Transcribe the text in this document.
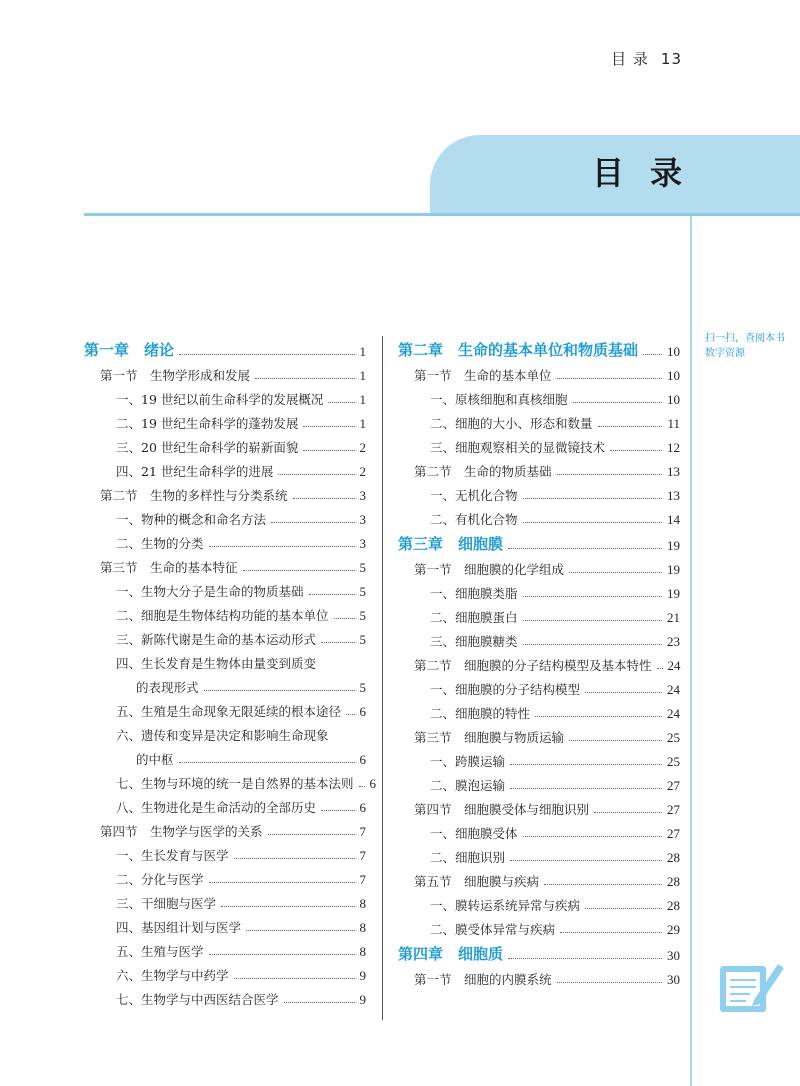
目 录 13
目录
扫一扫，查阅本书数字资源
第一章　绪论	1
第一节　生物学形成和发展	1
一、19 世纪以前生命科学的发展概况	1
二、19 世纪生命科学的蓬勃发展	1
三、20 世纪生命科学的崭新面貌	2
四、21 世纪生命科学的进展	2
第二节　生物的多样性与分类系统	3
一、物种的概念和命名方法	3
二、生物的分类	3
第三节　生命的基本特征	5
一、生物大分子是生命的物质基础	5
二、细胞是生物体结构功能的基本单位 5
三、新陈代谢是生命的基本运动形式	5
四、生长发育是生物体由量变到质变
的表现形式	5
五、生殖是生命现象无限延续的根本途径 6
六、遗传和变异是决定和影响生命现象
的中枢	6
七、生物与环境的统一是自然界的基本法则 6
八、生物进化是生命活动的全部历史	6
第四节　生物学与医学的关系	7
一、生长发育与医学	7
二、分化与医学	7
三、干细胞与医学	8
四、基因组计划与医学	8
五、生殖与医学	8
六、生物学与中药学	9
七、生物学与中西医结合医学	9
第二章　生命的基本单位和物质基础 10
第一节　生命的基本单位	10
一、原核细胞和真核细胞	10
二、细胞的大小、形态和数量	11
三、细胞观察相关的显微镜技术	12
第二节　生命的物质基础	13
一、无机化合物	13
二、有机化合物	14
第三章　细胞膜	19
第一节　细胞膜的化学组成	19
一、细胞膜类脂	19
二、细胞膜蛋白	21
三、细胞膜糖类	23
第二节　细胞膜的分子结构模型及基本特性 24
一、细胞膜的分子结构模型	24
二、细胞膜的特性	24
第三节　细胞膜与物质运输	25
一、跨膜运输	25
二、膜泡运输	27
第四节　细胞膜受体与细胞识别	27
一、细胞膜受体	27
二、细胞识别	28
第五节　细胞膜与疾病	28
一、膜转运系统异常与疾病	28
二、膜受体异常与疾病	29
第四章　细胞质	30
第一节　细胞的内膜系统	30
